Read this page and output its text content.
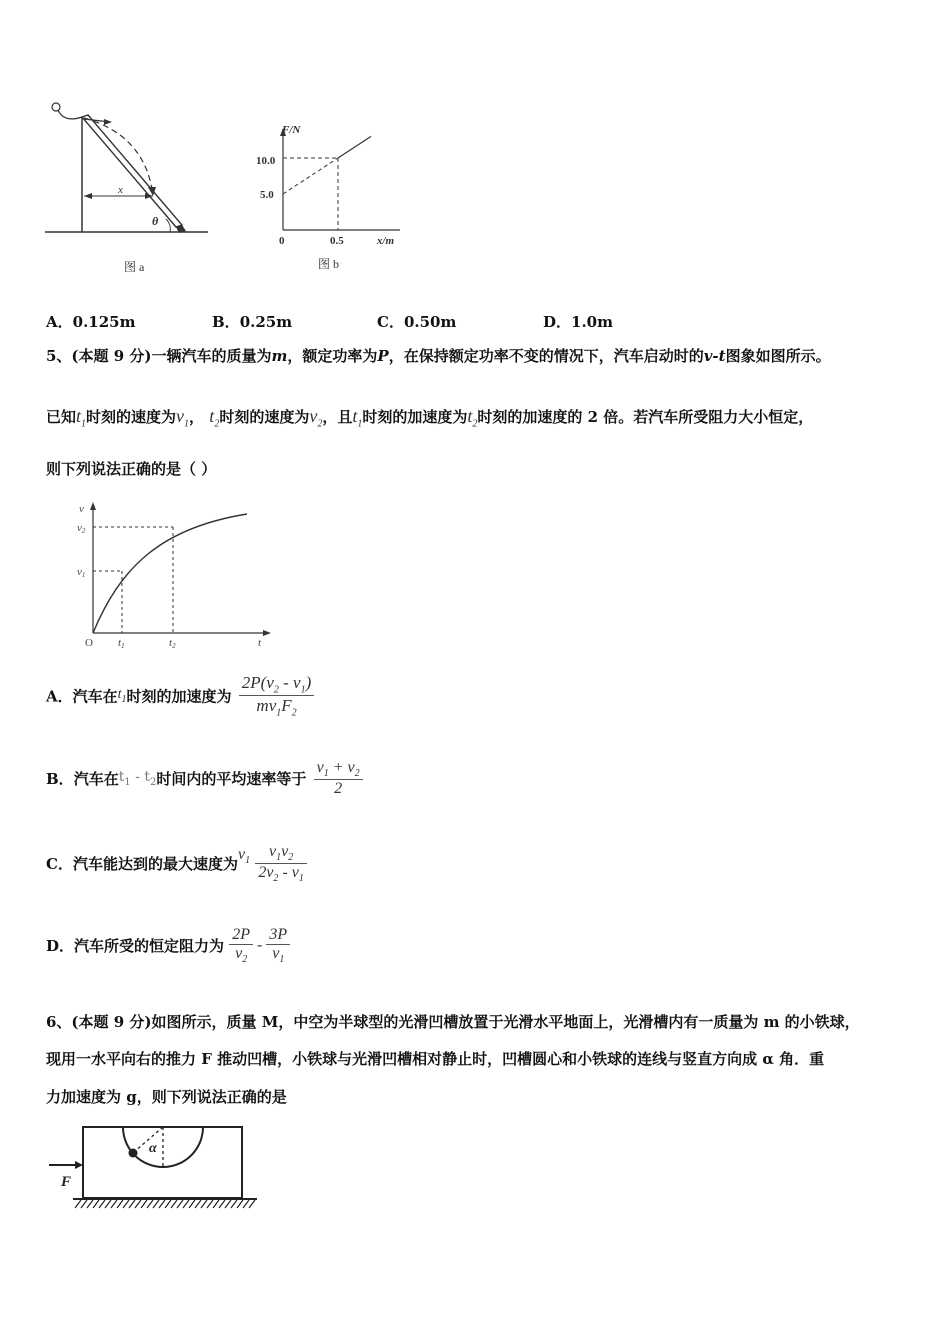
x
θ
图 a
F/N
x/m
10.0
5.0
0	0.5
图 b
A．0.125m	B．0.25m	C．0.50m	D．1.0m
5、(本题 9 分)一辆汽车的质量为m，额定功率为P，在保持额定功率不变的情况下，汽车启动时的v-t图象如图所示。
已知$t_1$时刻的速度为$v_1$， $t_2$时刻的速度为$v_2$，且$t_1$时刻的加速度为$t_2$时刻的加速度的 2 倍。若汽车所受阻力大小恒定，
则下列说法正确的是（ ）
v
v2
v1
O t1	t2	t
A．汽车在$t_1$时刻的加速度为 $\frac{2P(v_2 - v_1)}{mv_1F_2}$
B．汽车在$t_1 - t_2$时间内的平均速率等于 $\frac{v_1 + v_2}{2}$
C．汽车能达到的最大速度为$v_1 \frac{v_1v_2}{2v_2 - v_1}$
D．汽车所受的恒定阻力为 $\frac{2P}{v_2} - \frac{3P}{v_1}$
6、(本题 9 分)如图所示，质量 M，中空为半球型的光滑凹槽放置于光滑水平地面上，光滑槽内有一质量为 m 的小铁球，
现用一水平向右的推力 F 推动凹槽，小铁球与光滑凹槽相对静止时，凹槽圆心和小铁球的连线与竖直方向成 α 角．重
力加速度为 g，则下列说法正确的是
α
F
